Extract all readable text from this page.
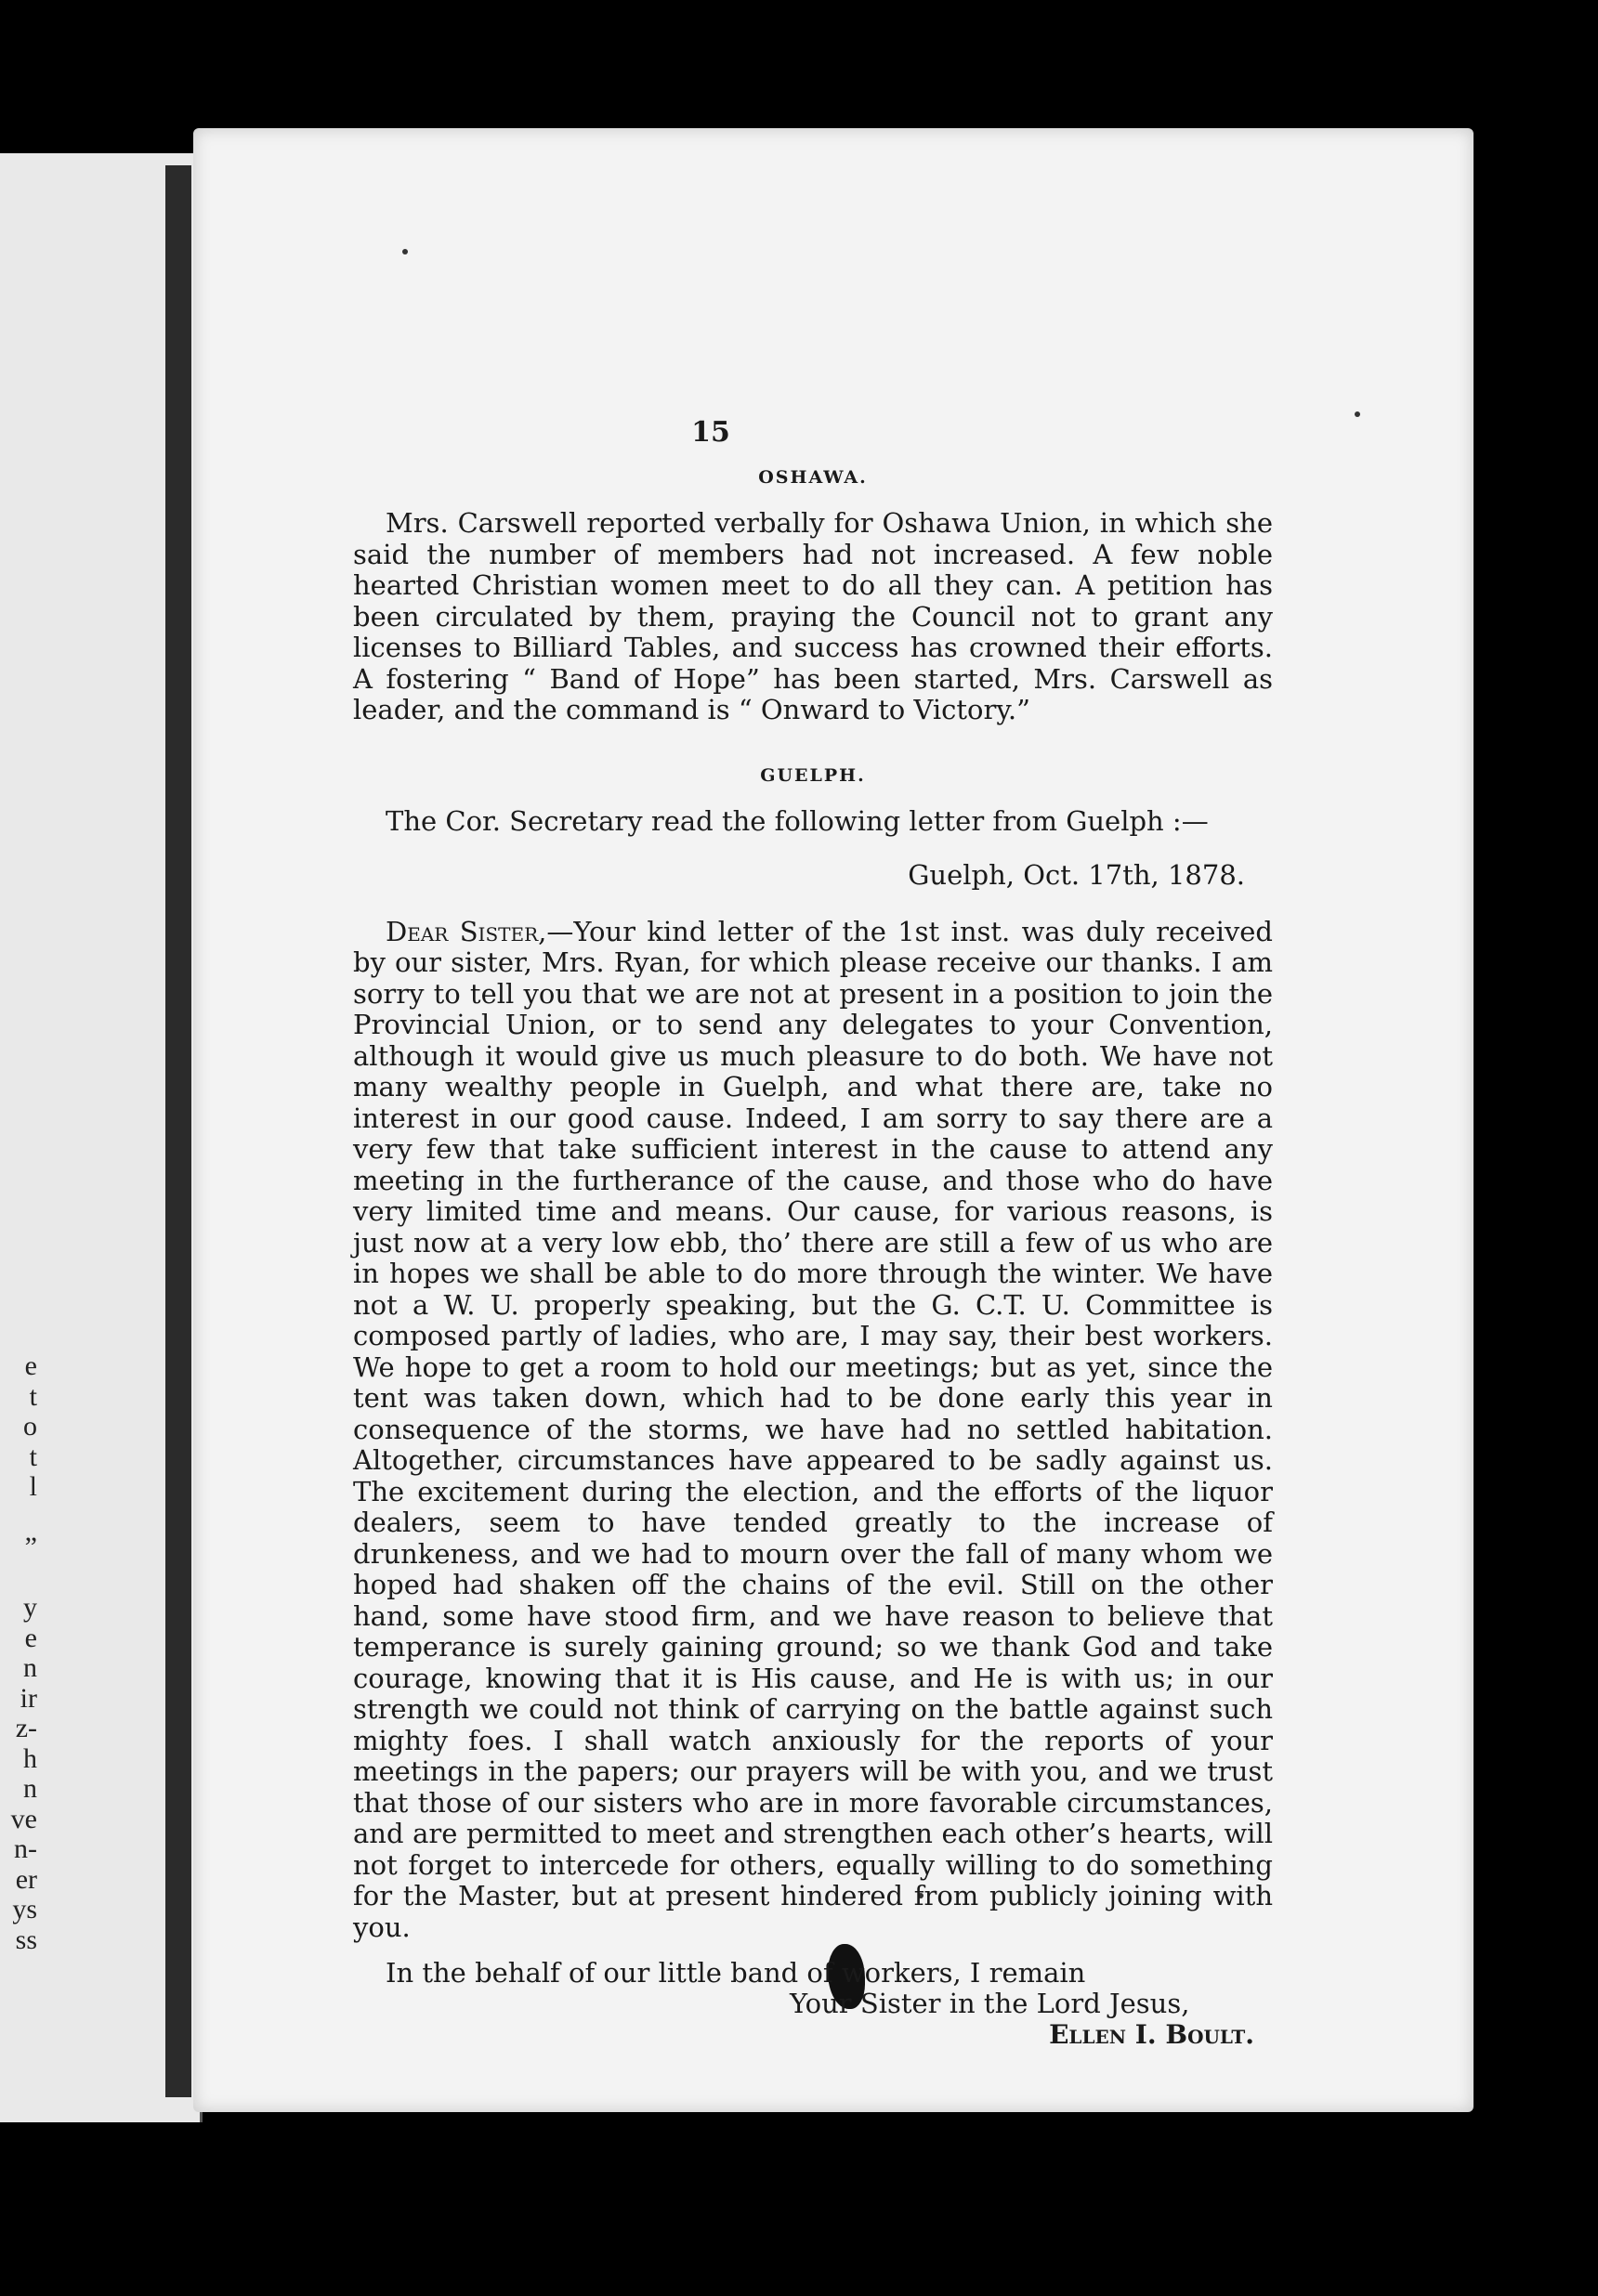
e
t
o
t
l

”

y
e
n
ir
z-
h
n
ve
n-
er
ys
ss
15
OSHAWA.

Mrs. Carswell reported verbally for Oshawa Union, in which she said the number of members had not increased. A few noble hearted Christian women meet to do all they can. A petition has been circulated by them, praying the Council not to grant any licenses to Billiard Tables, and success has crowned their efforts. A fostering “ Band of Hope” has been started, Mrs. Carswell as leader, and the command is “ Onward to Victory.”

GUELPH.

The Cor. Secretary read the following letter from Guelph :—

Guelph, Oct. 17th, 1878.

Dear Sister,—Your kind letter of the 1st inst. was duly received by our sister, Mrs. Ryan, for which please receive our thanks. I am sorry to tell you that we are not at present in a position to join the Provincial Union, or to send any delegates to your Convention, although it would give us much pleasure to do both. We have not many wealthy people in Guelph, and what there are, take no interest in our good cause. Indeed, I am sorry to say there are a very few that take sufficient interest in the cause to attend any meeting in the furtherance of the cause, and those who do have very limited time and means. Our cause, for various reasons, is just now at a very low ebb, tho’ there are still a few of us who are in hopes we shall be able to do more through the winter. We have not a W. U. properly speaking, but the G. C.T. U. Committee is composed partly of ladies, who are, I may say, their best workers. We hope to get a room to hold our meetings; but as yet, since the tent was taken down, which had to be done early this year in consequence of the storms, we have had no settled habitation. Altogether, circumstances have appeared to be sadly against us. The excitement during the election, and the efforts of the liquor dealers, seem to have tended greatly to the increase of drunkeness, and we had to mourn over the fall of many whom we hoped had shaken off the chains of the evil. Still on the other hand, some have stood firm, and we have reason to believe that temperance is surely gaining ground; so we thank God and take courage, knowing that it is His cause, and He is with us; in our strength we could not think of carrying on the battle against such mighty foes. I shall watch anxiously for the reports of your meetings in the papers; our prayers will be with you, and we trust that those of our sisters who are in more favorable circumstances, and are permitted to meet and strengthen each other’s hearts, will not forget to intercede for others, equally willing to do something for the Master, but at present hindered from publicly joining with you.

In the behalf of our little band of workers, I remain

Your Sister in the Lord Jesus,
Ellen I. Boult.
